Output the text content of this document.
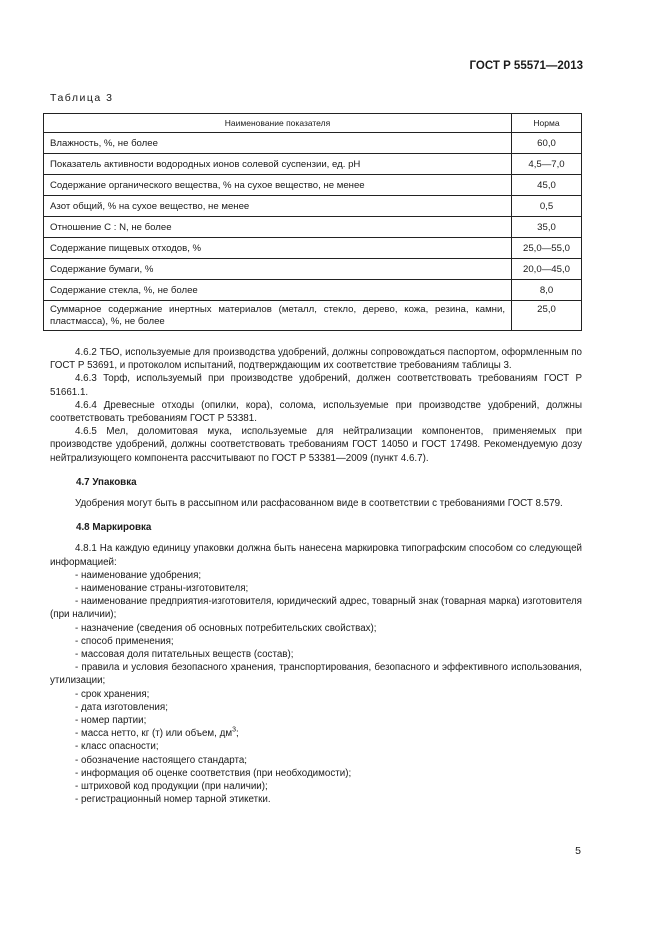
ГОСТ Р 55571—2013
Таблица 3
Наименование показателя	Норма
Влажность, %, не более	60,0
Показатель активности водородных ионов солевой суспензии, ед. pH	4,5—7,0
Содержание органического вещества, % на сухое вещество, не менее	45,0
Азот общий, % на сухое вещество, не менее	0,5
Отношение С : N, не более	35,0
Содержание пищевых отходов, %	25,0—55,0
Содержание бумаги, %	20,0—45,0
Содержание стекла, %, не более	8,0
Суммарное содержание инертных материалов (металл, стекло, дерево, кожа, резина, камни, пластмасса), %, не более	25,0

4.6.2 ТБО, используемые для производства удобрений, должны сопровождаться паспортом, оформленным по ГОСТ Р 53691, и протоколом испытаний, подтверждающим их соответствие требованиям таблицы 3.

4.6.3 Торф, используемый при производстве удобрений, должен соответствовать требованиям ГОСТ Р 51661.1.

4.6.4 Древесные отходы (опилки, кора), солома, используемые при производстве удобрений, должны соответствовать требованиям ГОСТ Р 53381.

4.6.5 Мел, доломитовая мука, используемые для нейтрализации компонентов, применяемых при производстве удобрений, должны соответствовать требованиям ГОСТ 14050 и ГОСТ 17498. Рекомендуемую дозу нейтрализующего компонента рассчитывают по ГОСТ Р 53381—2009 (пункт 4.6.7).

4.7 Упаковка

Удобрения могут быть в рассыпном или расфасованном виде в соответствии с требованиями ГОСТ 8.579.

4.8 Маркировка

4.8.1 На каждую единицу упаковки должна быть нанесена маркировка типографским способом со следующей информацией:

- наименование удобрения;
- наименование страны-изготовителя;
- наименование предприятия-изготовителя, юридический адрес, товарный знак (товарная марка) изготовителя (при наличии);
- назначение (сведения об основных потребительских свойствах);
- способ применения;
- массовая доля питательных веществ (состав);
- правила и условия безопасного хранения, транспортирования, безопасного и эффективного использования, утилизации;
- срок хранения;
- дата изготовления;
- номер партии;
- масса нетто, кг (т) или объем, $дм^3$;
- класс опасности;
- обозначение настоящего стандарта;
- информация об оценке соответствия (при необходимости);
- штриховой код продукции (при наличии);
- регистрационный номер тарной этикетки.
5
